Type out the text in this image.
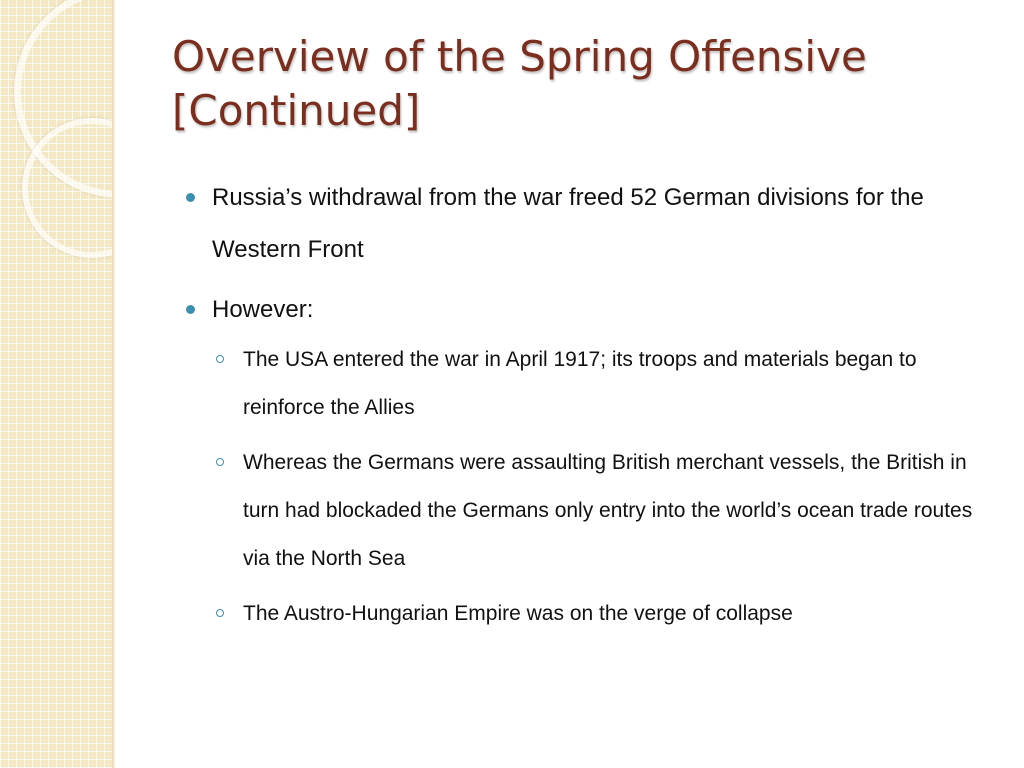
Overview of the Spring Offensive
[Continued]
Russia’s withdrawal from the war freed 52 German divisions for the Western Front
However:
The USA entered the war in April 1917; its troops and materials began to reinforce the Allies
Whereas the Germans were assaulting British merchant vessels, the British in turn had blockaded the Germans only entry into the world’s ocean trade routes via the North Sea
The Austro-Hungarian Empire was on the verge of collapse
